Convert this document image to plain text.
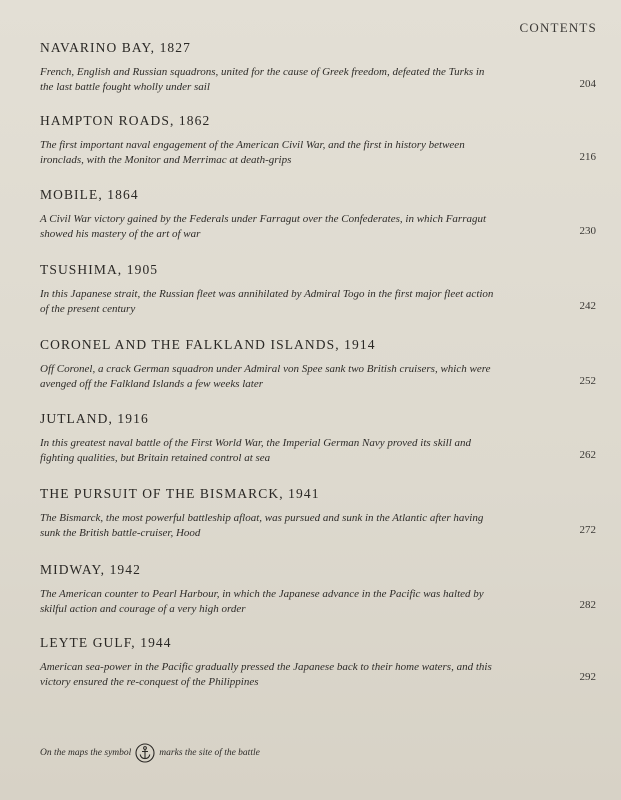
CONTENTS
NAVARINO BAY, 1827
French, English and Russian squadrons, united for the cause of Greek freedom, defeated the Turks in the last battle fought wholly under sail	204
HAMPTON ROADS, 1862
The first important naval engagement of the American Civil War, and the first in history between ironclads, with the Monitor and Merrimac at death-grips	216
MOBILE, 1864
A Civil War victory gained by the Federals under Farragut over the Confederates, in which Farragut showed his mastery of the art of war	230
TSUSHIMA, 1905
In this Japanese strait, the Russian fleet was annihilated by Admiral Togo in the first major fleet action of the present century	242
CORONEL AND THE FALKLAND ISLANDS, 1914
Off Coronel, a crack German squadron under Admiral von Spee sank two British cruisers, which were avenged off the Falkland Islands a few weeks later	252
JUTLAND, 1916
In this greatest naval battle of the First World War, the Imperial German Navy proved its skill and fighting qualities, but Britain retained control at sea	262
THE PURSUIT OF THE BISMARCK, 1941
The Bismarck, the most powerful battleship afloat, was pursued and sunk in the Atlantic after having sunk the British battle-cruiser, Hood	272
MIDWAY, 1942
The American counter to Pearl Harbour, in which the Japanese advance in the Pacific was halted by skilful action and courage of a very high order	282
LEYTE GULF, 1944
American sea-power in the Pacific gradually pressed the Japanese back to their home waters, and this victory ensured the re-conquest of the Philippines	292
On the maps the symbol	marks the site of the battle
